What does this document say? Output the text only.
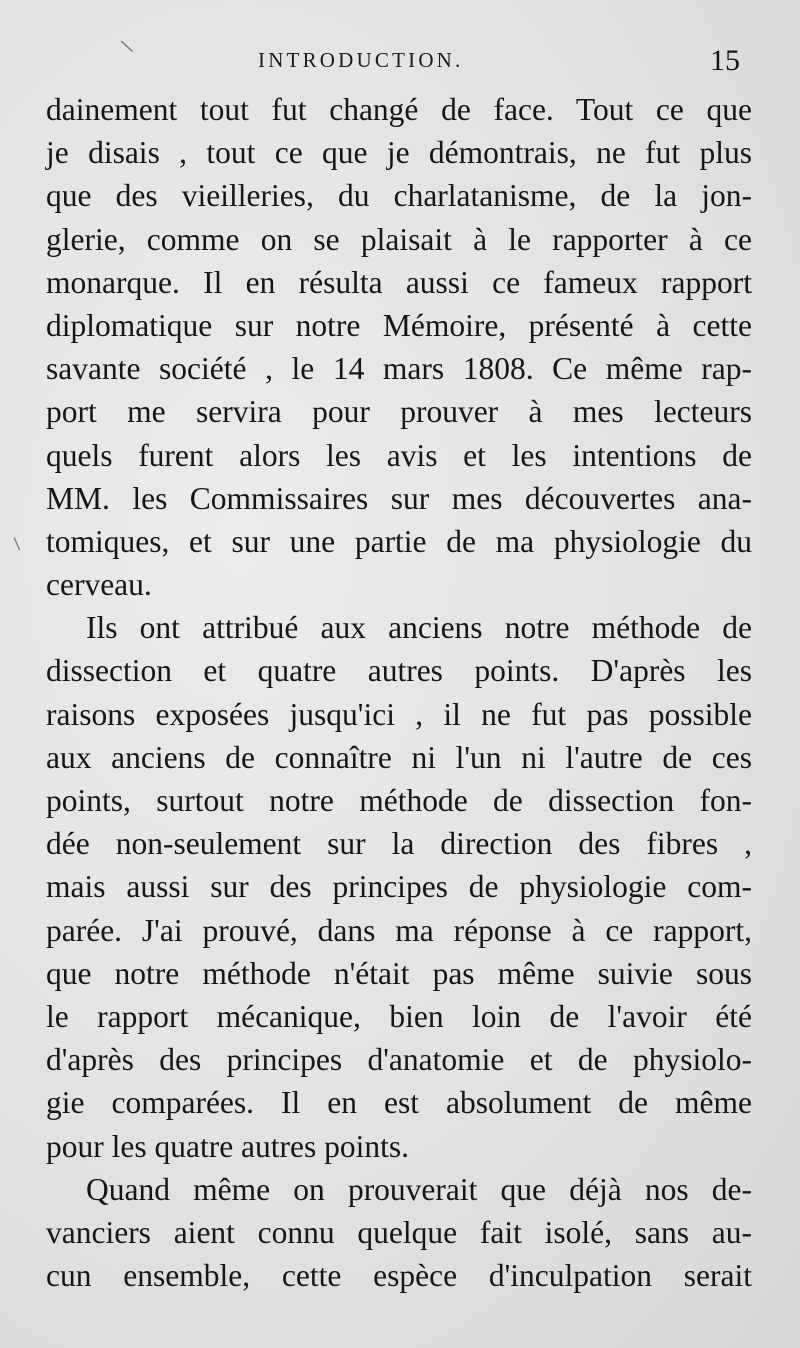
\
/
INTRODUCTION.	15
dainement tout fut changé de face. Tout ce que
je disais , tout ce que je démontrais, ne fut plus
que des vieilleries, du charlatanisme, de la jon-
glerie, comme on se plaisait à le rapporter à ce
monarque. Il en résulta aussi ce fameux rapport
diplomatique sur notre Mémoire, présenté à cette
savante société , le 14 mars 1808. Ce même rap-
port me servira pour prouver à mes lecteurs
quels furent alors les avis et les intentions de
MM. les Commissaires sur mes découvertes ana-
tomiques, et sur une partie de ma physiologie du
cerveau.
Ils ont attribué aux anciens notre méthode de
dissection et quatre autres points. D'après les
raisons exposées jusqu'ici , il ne fut pas possible
aux anciens de connaître ni l'un ni l'autre de ces
points, surtout notre méthode de dissection fon-
dée non-seulement sur la direction des fibres ,
mais aussi sur des principes de physiologie com-
parée. J'ai prouvé, dans ma réponse à ce rapport,
que notre méthode n'était pas même suivie sous
le rapport mécanique, bien loin de l'avoir été
d'après des principes d'anatomie et de physiolo-
gie comparées. Il en est absolument de même
pour les quatre autres points.
Quand même on prouverait que déjà nos de-
vanciers aient connu quelque fait isolé, sans au-
cun ensemble, cette espèce d'inculpation serait
